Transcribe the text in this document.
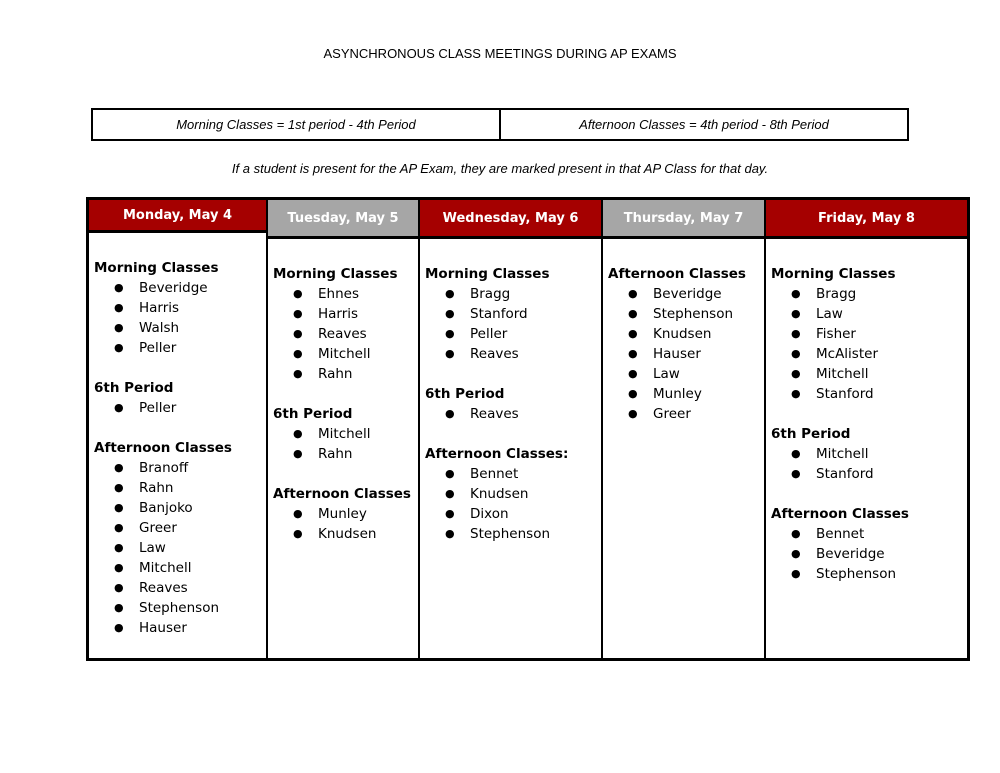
ASYNCHRONOUS CLASS MEETINGS DURING AP EXAMS
Morning Classes = 1st period - 4th Period	Afternoon Classes = 4th period - 8th Period
If a student is present for the AP Exam, they are marked present in that AP Class for that day.
Monday, May 4
Morning Classes
● Beveridge
● Harris
● Walsh
● Peller
6th Period
● Peller
Afternoon Classes
● Branoff
● Rahn
● Banjoko
● Greer
● Law
● Mitchell
● Reaves
● Stephenson
● Hauser
Tuesday, May 5
Morning Classes
● Ehnes
● Harris
● Reaves
● Mitchell
● Rahn
6th Period
● Mitchell
● Rahn
Afternoon Classes
● Munley
● Knudsen
Wednesday, May 6
Morning Classes
● Bragg
● Stanford
● Peller
● Reaves
6th Period
● Reaves
Afternoon Classes:
● Bennet
● Knudsen
● Dixon
● Stephenson
Thursday, May 7
Afternoon Classes
● Beveridge
● Stephenson
● Knudsen
● Hauser
● Law
● Munley
● Greer
Friday, May 8
Morning Classes
● Bragg
● Law
● Fisher
● McAlister
● Mitchell
● Stanford
6th Period
● Mitchell
● Stanford
Afternoon Classes
● Bennet
● Beveridge
● Stephenson
